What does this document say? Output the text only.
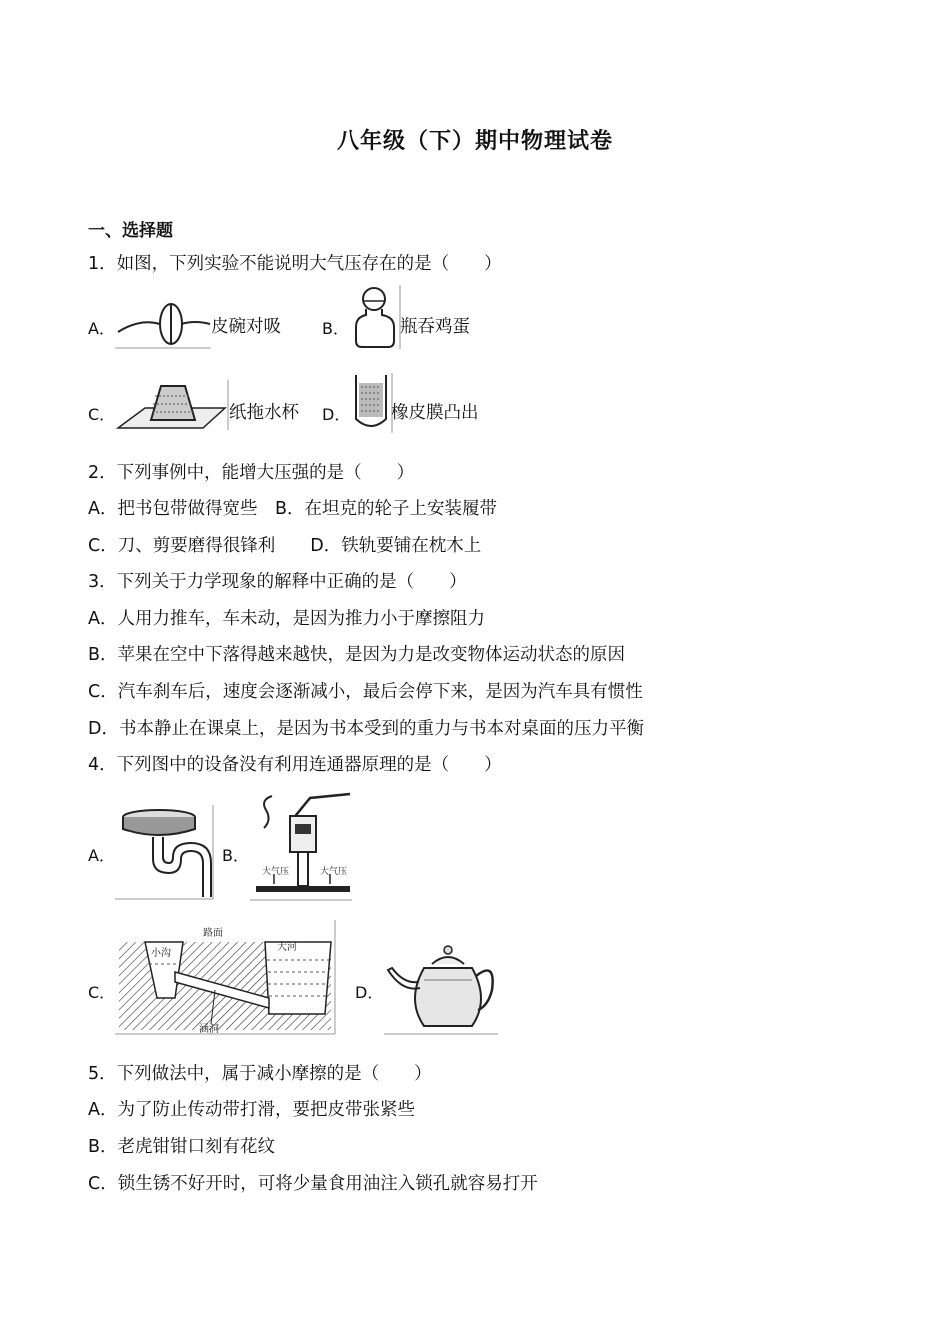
八年级（下）期中物理试卷
一、选择题
1．如图，下列实验不能说明大气压存在的是（　　）
A．	皮碗对吸	B．	瓶吞鸡蛋
C．	纸拖水杯 D． 橡皮膜凸出
2．下列事例中，能增大压强的是（　　）
A．把书包带做得宽些　B．在坦克的轮子上安装履带
C．刀、剪要磨得很锋利　　D．铁轨要铺在枕木上
3．下列关于力学现象的解释中正确的是（　　）
A．人用力推车，车未动，是因为推力小于摩擦阻力
B．苹果在空中下落得越来越快，是因为力是改变物体运动状态的原因
C．汽车刹车后，速度会逐渐减小，最后会停下来，是因为汽车具有惯性
D．书本静止在课桌上，是因为书本受到的重力与书本对桌面的压力平衡
4．下列图中的设备没有利用连通器原理的是（　　）
A．	B．
大气压	大气压
C．
路面
小沟
大河
涵洞
D．
5．下列做法中，属于减小摩擦的是（　　）
A．为了防止传动带打滑，要把皮带张紧些
B．老虎钳钳口刻有花纹
C．锁生锈不好开时，可将少量食用油注入锁孔就容易打开
